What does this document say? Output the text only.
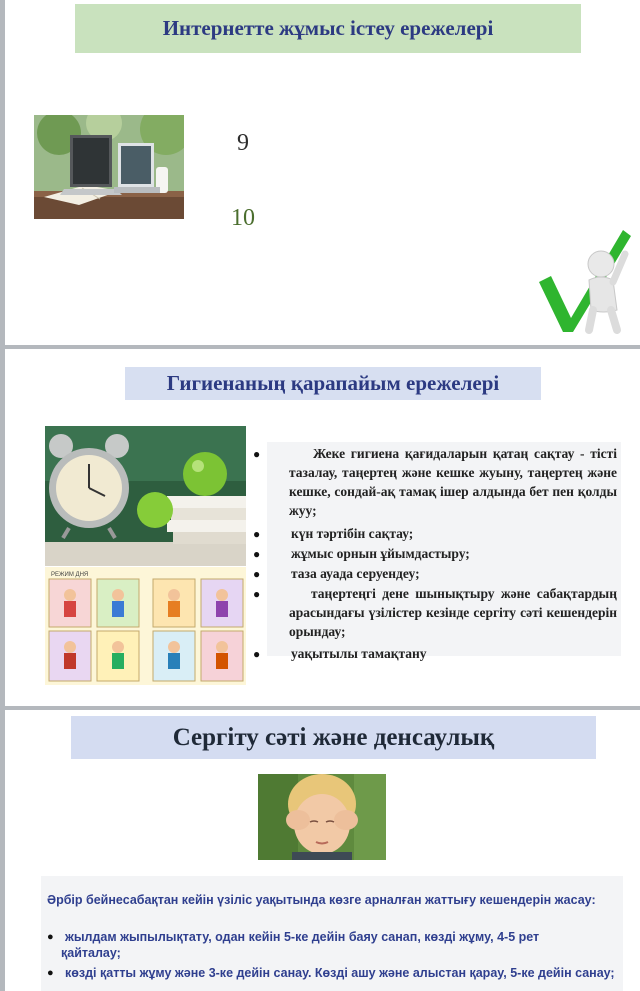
Интернетте жұмыс істеу ережелері
9
10
Гигиенаның қарапайым ережелері
РЕЖИМ ДНЯ
●	Жеке гигиена қағидаларын қатаң сақтау - тісті тазалау, таңертең және кешке жуыну, таңертең және кешке, сондай-ақ тамақ ішер алдында бет пен қолды жуу;
● күн тәртібін сақтау;
● жұмыс орнын ұйымдастыру;
● таза ауада серуендеу;
●	таңертеңгі дене шынықтыру және сабақтардың арасындағы үзілістер кезінде сергіту сәті кешендерін орындау;
● уақытылы тамақтану
Сергіту сәті және денсаулық
Әрбір бейнесабақтан кейін үзіліс уақытында көзге арналған жаттығу кешендерін жасау:
● жылдам жыпылықтату, одан кейін 5-ке дейін баяу санап, көзді жұму, 4-5 рет қайталау;
● көзді қатты жұму және 3-ке дейін санау. Көзді ашу және алыстан қарау, 5-ке дейін санау;
